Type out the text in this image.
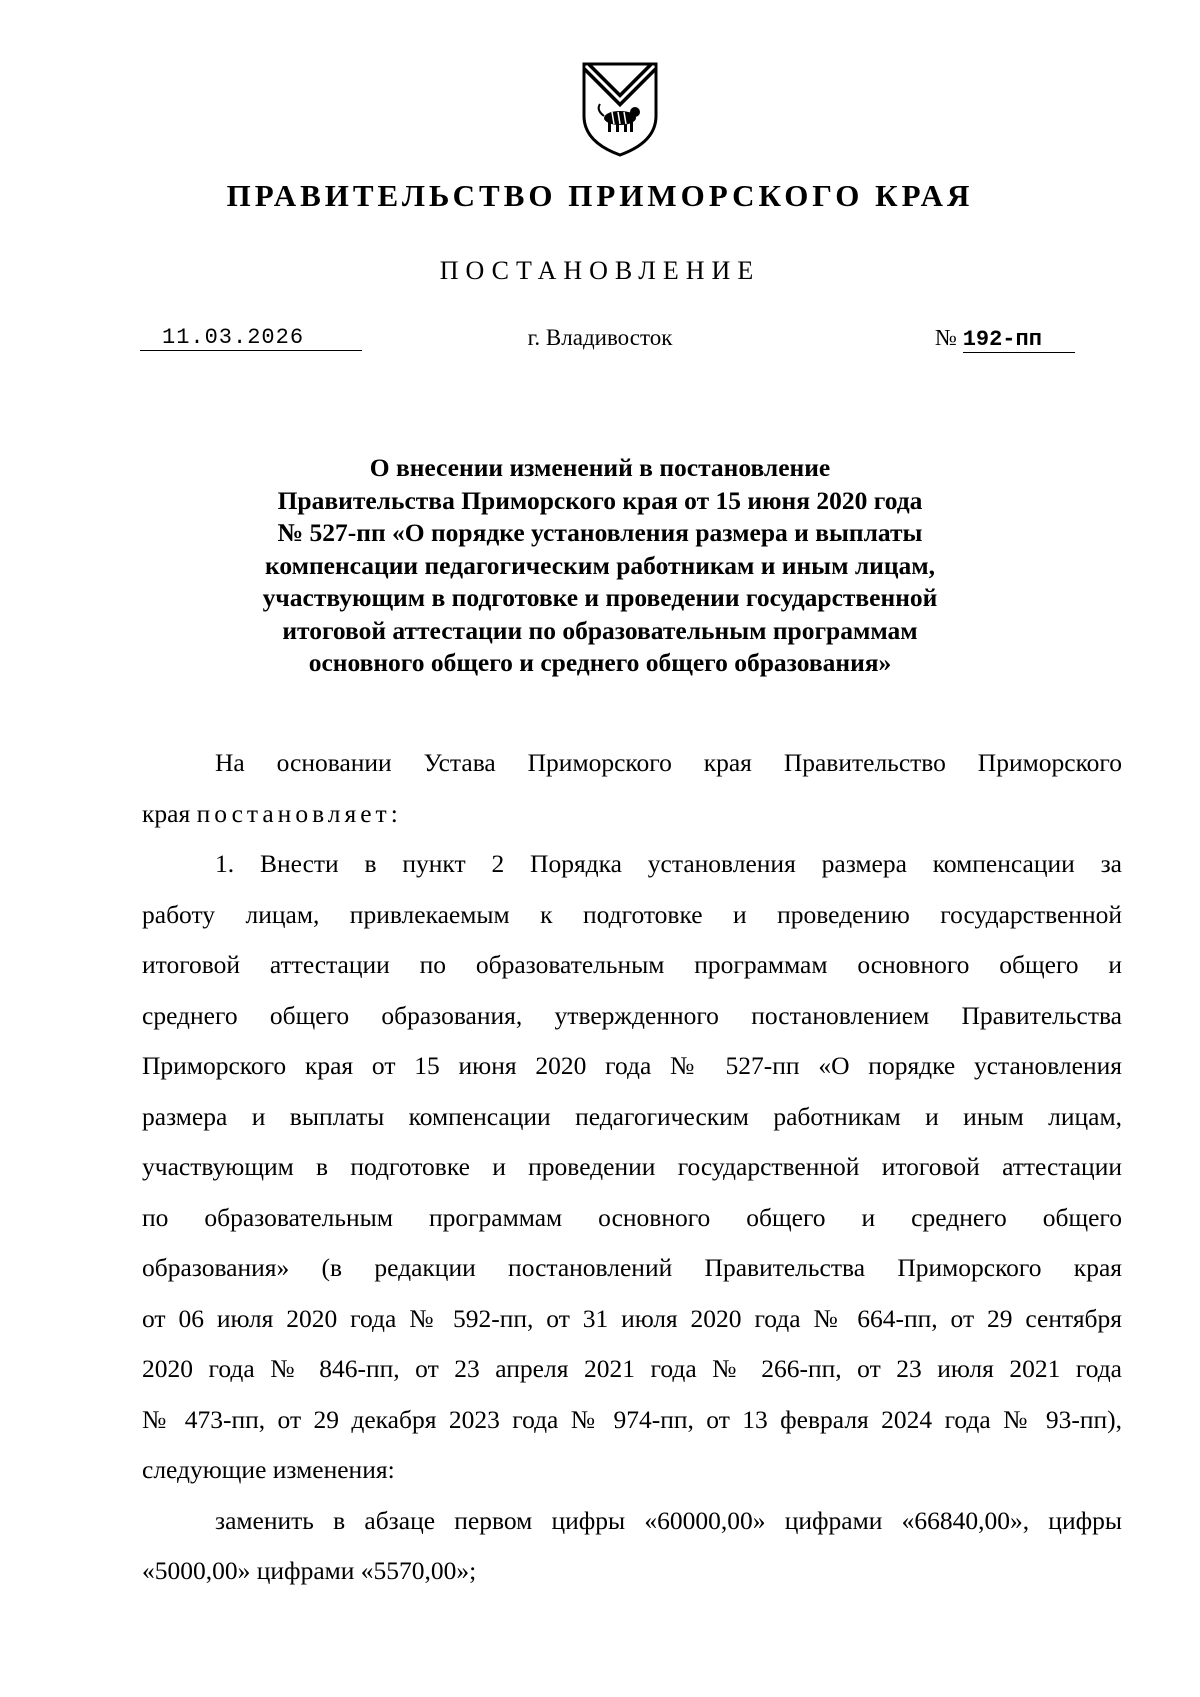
ПРАВИТЕЛЬСТВО ПРИМОРСКОГО КРАЯ
ПОСТАНОВЛЕНИЕ
11.03.2026	г. Владивосток	№ 192-пп
О внесении изменений в постановление
Правительства Приморского края от 15 июня 2020 года
№ 527-пп «О порядке установления размера и выплаты
компенсации педагогическим работникам и иным лицам,
участвующим в подготовке и проведении государственной
итоговой аттестации по образовательным программам
основного общего и среднего общего образования»
На основании Устава Приморского края Правительство Приморского
края постановляет:
1. Внести в пункт 2 Порядка установления размера компенсации за
работу лицам, привлекаемым к подготовке и проведению государственной
итоговой аттестации по образовательным программам основного общего и
среднего общего образования, утвержденного постановлением Правительства
Приморского края от 15 июня 2020 года № 527-пп «О порядке установления
размера и выплаты компенсации педагогическим работникам и иным лицам,
участвующим в подготовке и проведении государственной итоговой аттестации
по образовательным программам основного общего и среднего общего
образования» (в редакции постановлений Правительства Приморского края
от 06 июля 2020 года № 592-пп, от 31 июля 2020 года № 664-пп, от 29 сентября
2020 года № 846-пп, от 23 апреля 2021 года № 266-пп, от 23 июля 2021 года
№ 473-пп, от 29 декабря 2023 года № 974-пп, от 13 февраля 2024 года № 93-пп),
следующие изменения:
заменить в абзаце первом цифры «60000,00» цифрами «66840,00», цифры
«5000,00» цифрами «5570,00»;
